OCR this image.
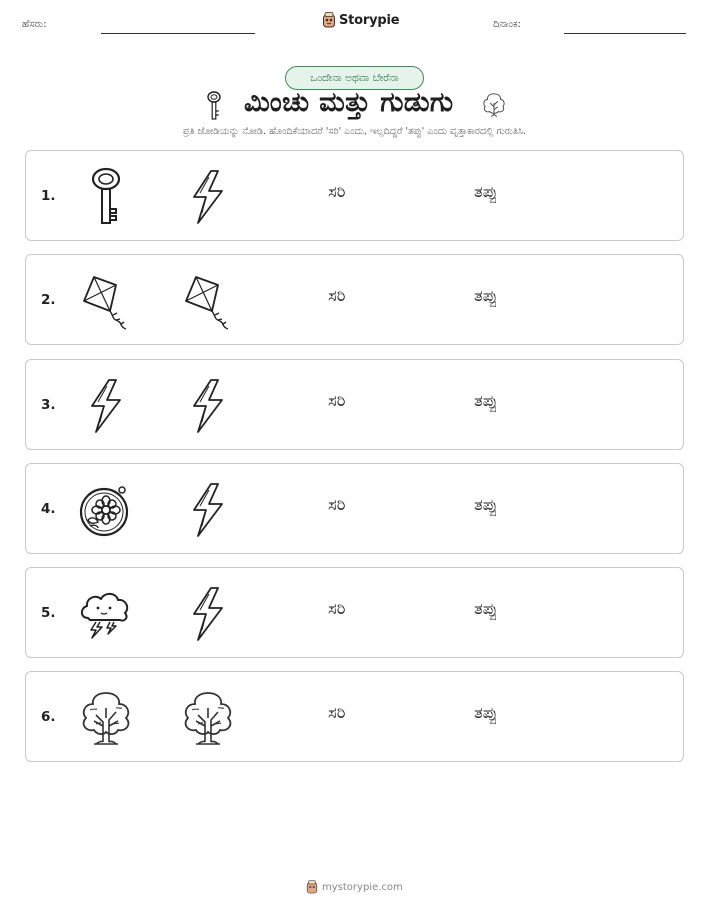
ಹೆಸರು:	Storypie	ದಿನಾಂಕ:
ಒಂದೇನಾ ಅಥವಾ ಬೇರೆನಾ
ಮಿಂಚು ಮತ್ತು ಗುಡುಗು
ಪ್ರತಿ ಜೋಡಿಯನ್ನು ನೋಡಿ. ಹೊಂದಿಕೆಯಾದರೆ 'ಸರಿ' ಎಂದು, ಇಲ್ಲದಿದ್ದರೆ 'ತಪ್ಪು' ಎಂದು ವೃತ್ತಾಕಾರದಲ್ಲಿ ಗುರುತಿಸಿ.
1.	ಸರಿ	ತಪ್ಪು
2.	ಸರಿ	ತಪ್ಪು
3.	ಸರಿ	ತಪ್ಪು
4.	ಸರಿ	ತಪ್ಪು
5.	ಸರಿ	ತಪ್ಪು
6.	ಸರಿ	ತಪ್ಪು
mystorypie.com
